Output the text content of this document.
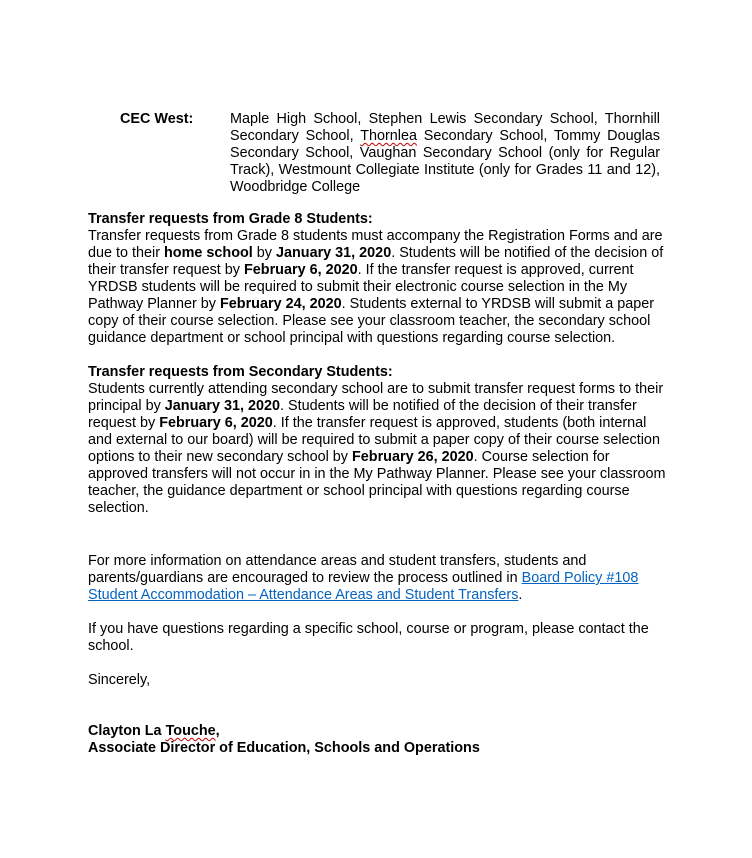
CEC West:	Maple High School, Stephen Lewis Secondary School, Thornhill Secondary School, Thornlea Secondary School, Tommy Douglas Secondary School, Vaughan Secondary School (only for Regular Track), Westmount Collegiate Institute (only for Grades 11 and 12), Woodbridge College

Transfer requests from Grade 8 Students:

Transfer requests from Grade 8 students must accompany the Registration Forms and are due to their home school by January 31, 2020. Students will be notified of the decision of their transfer request by February 6, 2020. If the transfer request is approved, current YRDSB students will be required to submit their electronic course selection in the My Pathway Planner by February 24, 2020. Students external to YRDSB will submit a paper copy of their course selection. Please see your classroom teacher, the secondary school guidance department or school principal with questions regarding course selection.

Transfer requests from Secondary Students:

Students currently attending secondary school are to submit transfer request forms to their principal by January 31, 2020. Students will be notified of the decision of their transfer request by February 6, 2020. If the transfer request is approved, students (both internal and external to our board) will be required to submit a paper copy of their course selection options to their new secondary school by February 26, 2020. Course selection for approved transfers will not occur in in the My Pathway Planner. Please see your classroom teacher, the guidance department or school principal with questions regarding course selection.

For more information on attendance areas and student transfers, students and parents/guardians are encouraged to review the process outlined in Board Policy #108 Student Accommodation – Attendance Areas and Student Transfers.

If you have questions regarding a specific school, course or program, please contact the school.

Sincerely,

Clayton La Touche,

Associate Director of Education, Schools and Operations
